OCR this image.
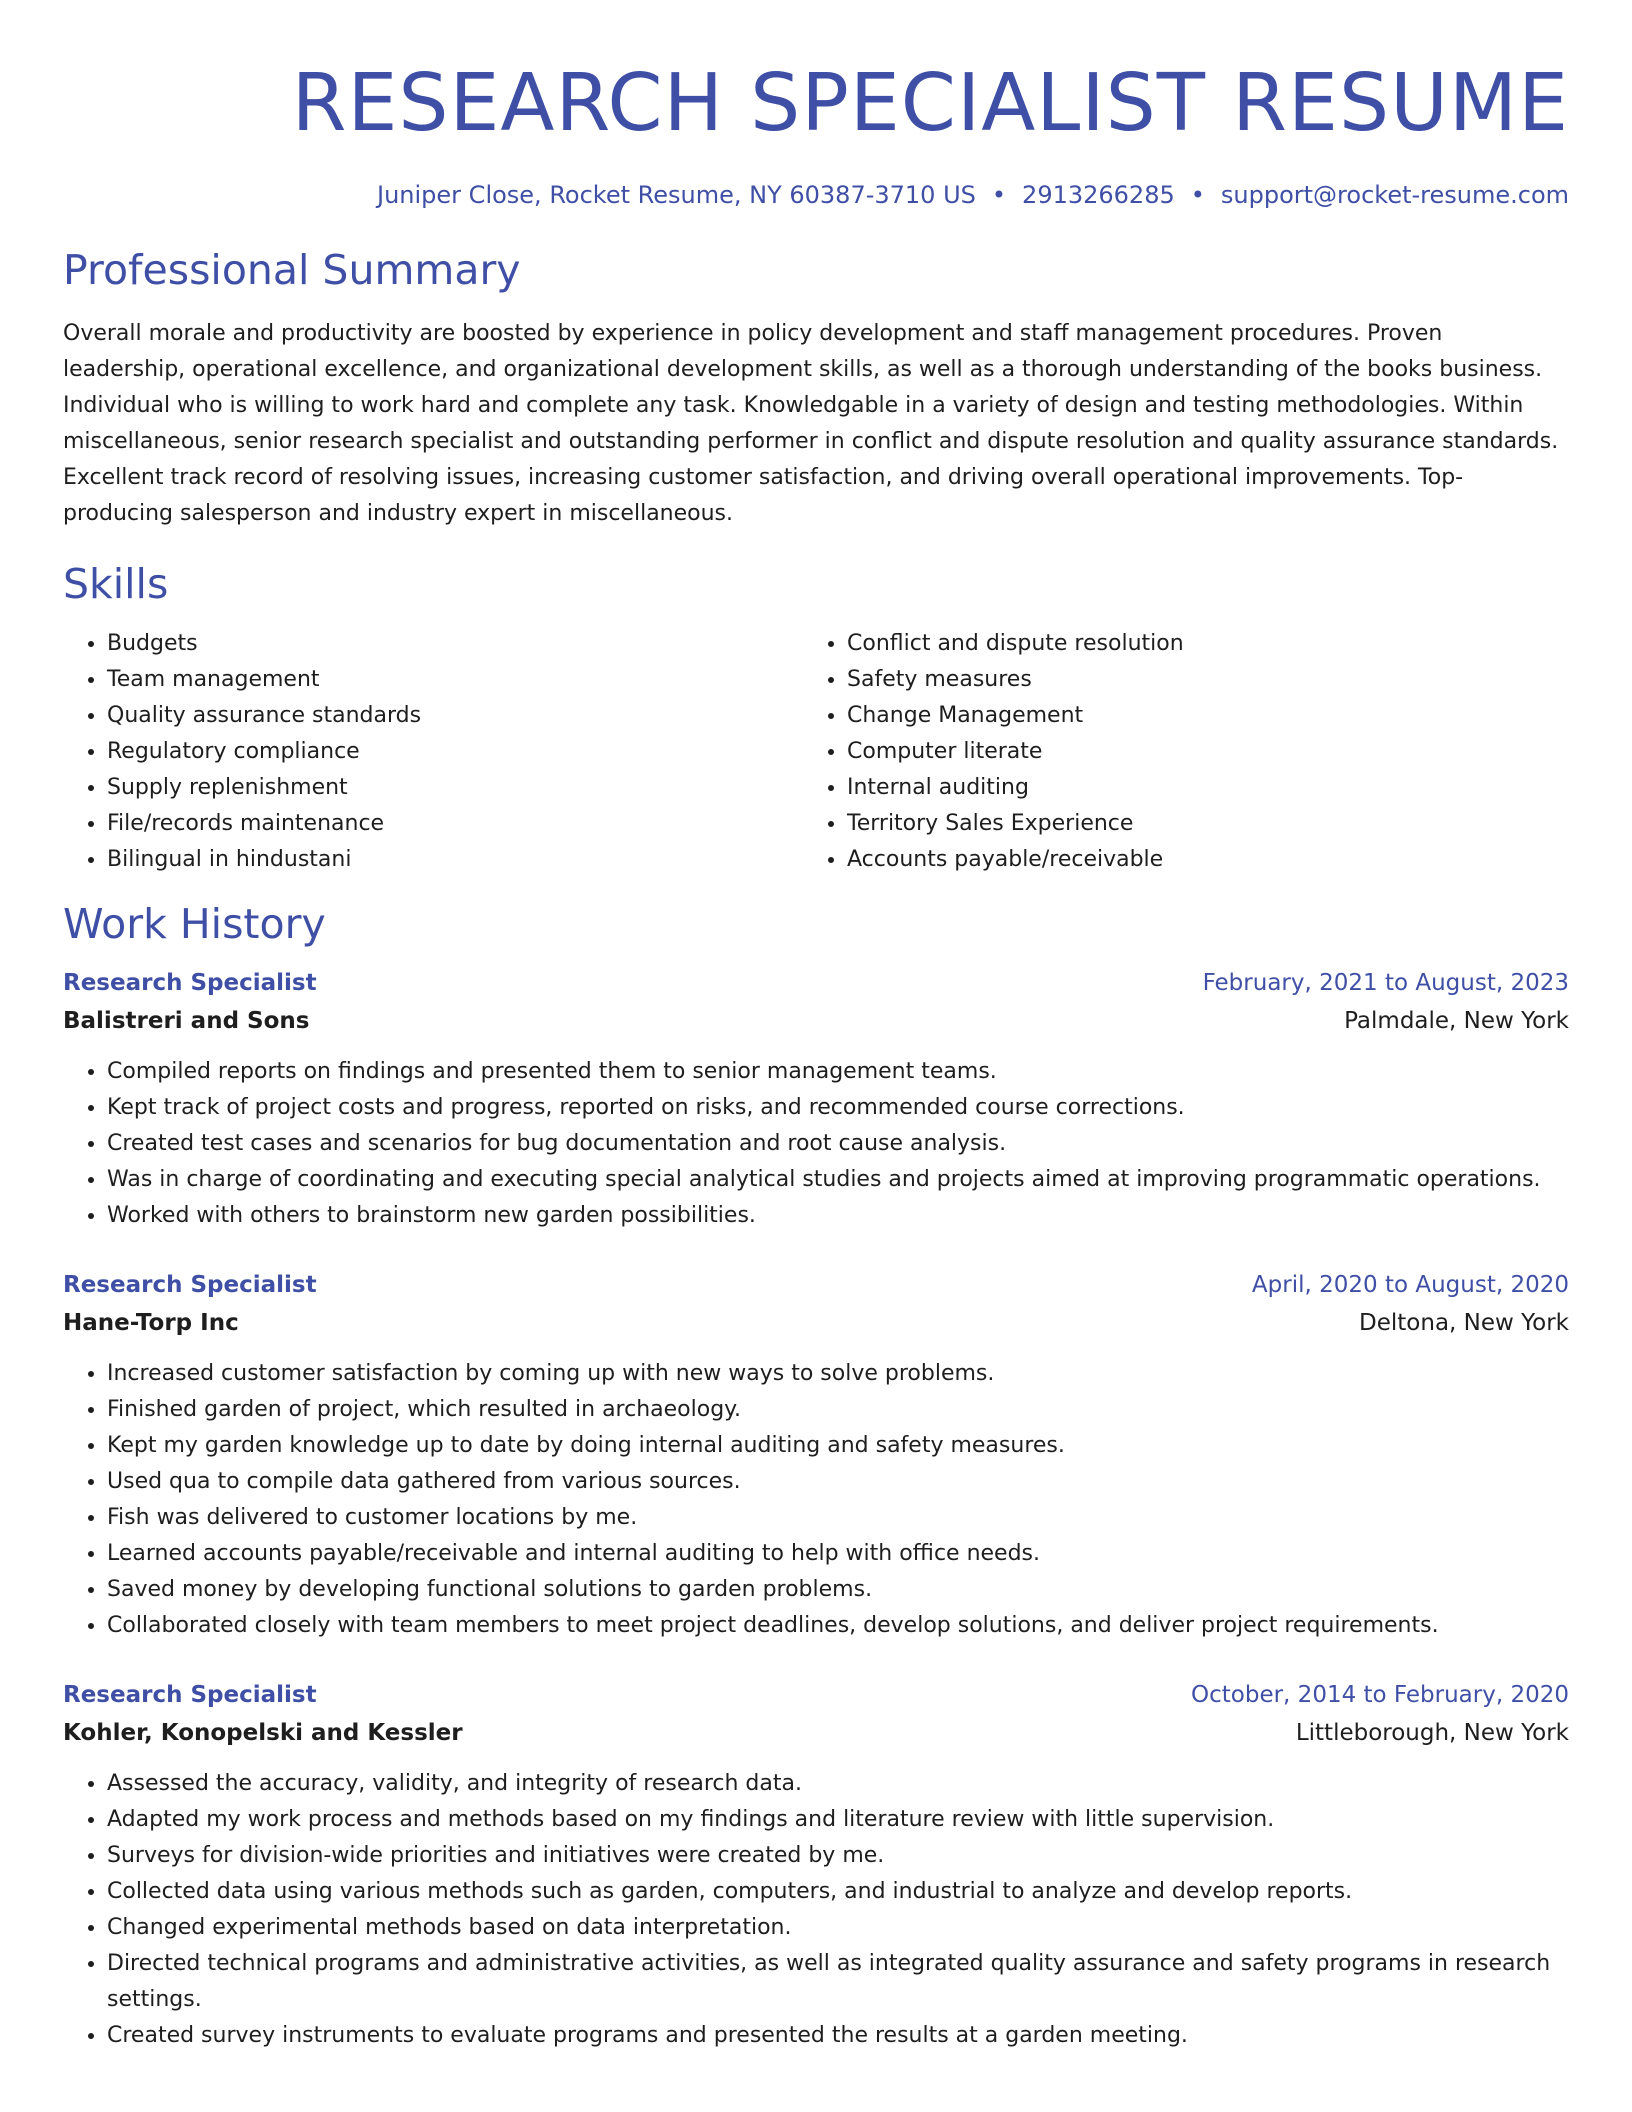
RESEARCH SPECIALIST RESUME
Juniper Close, Rocket Resume, NY 60387-3710 US • 2913266285 • support@rocket-resume.com
Professional Summary

Overall morale and productivity are boosted by experience in policy development and staff management procedures. Proven leadership, operational excellence, and organizational development skills, as well as a thorough understanding of the books business. Individual who is willing to work hard and complete any task. Knowledgable in a variety of design and testing methodologies. Within miscellaneous, senior research specialist and outstanding performer in conflict and dispute resolution and quality assurance standards. Excellent track record of resolving issues, increasing customer satisfaction, and driving overall operational improvements. Top-producing salesperson and industry expert in miscellaneous.

Skills
• Budgets
• Team management
• Quality assurance standards
• Regulatory compliance
• Supply replenishment
• File/records maintenance
• Bilingual in hindustani
• Conflict and dispute resolution
• Safety measures
• Change Management
• Computer literate
• Internal auditing
• Territory Sales Experience
• Accounts payable/receivable
Work History
Research Specialist	February, 2021 to August, 2023
Balistreri and Sons	Palmdale, New York
• Compiled reports on findings and presented them to senior management teams.
• Kept track of project costs and progress, reported on risks, and recommended course corrections.
• Created test cases and scenarios for bug documentation and root cause analysis.
• Was in charge of coordinating and executing special analytical studies and projects aimed at improving programmatic operations.
• Worked with others to brainstorm new garden possibilities.
Research Specialist	April, 2020 to August, 2020
Hane-Torp Inc	Deltona, New York
• Increased customer satisfaction by coming up with new ways to solve problems.
• Finished garden of project, which resulted in archaeology.
• Kept my garden knowledge up to date by doing internal auditing and safety measures.
• Used qua to compile data gathered from various sources.
• Fish was delivered to customer locations by me.
• Learned accounts payable/receivable and internal auditing to help with office needs.
• Saved money by developing functional solutions to garden problems.
• Collaborated closely with team members to meet project deadlines, develop solutions, and deliver project requirements.
Research Specialist	October, 2014 to February, 2020
Kohler, Konopelski and Kessler	Littleborough, New York
• Assessed the accuracy, validity, and integrity of research data.
• Adapted my work process and methods based on my findings and literature review with little supervision.
• Surveys for division-wide priorities and initiatives were created by me.
• Collected data using various methods such as garden, computers, and industrial to analyze and develop reports.
• Changed experimental methods based on data interpretation.
• Directed technical programs and administrative activities, as well as integrated quality assurance and safety programs in research settings.
• Created survey instruments to evaluate programs and presented the results at a garden meeting.
